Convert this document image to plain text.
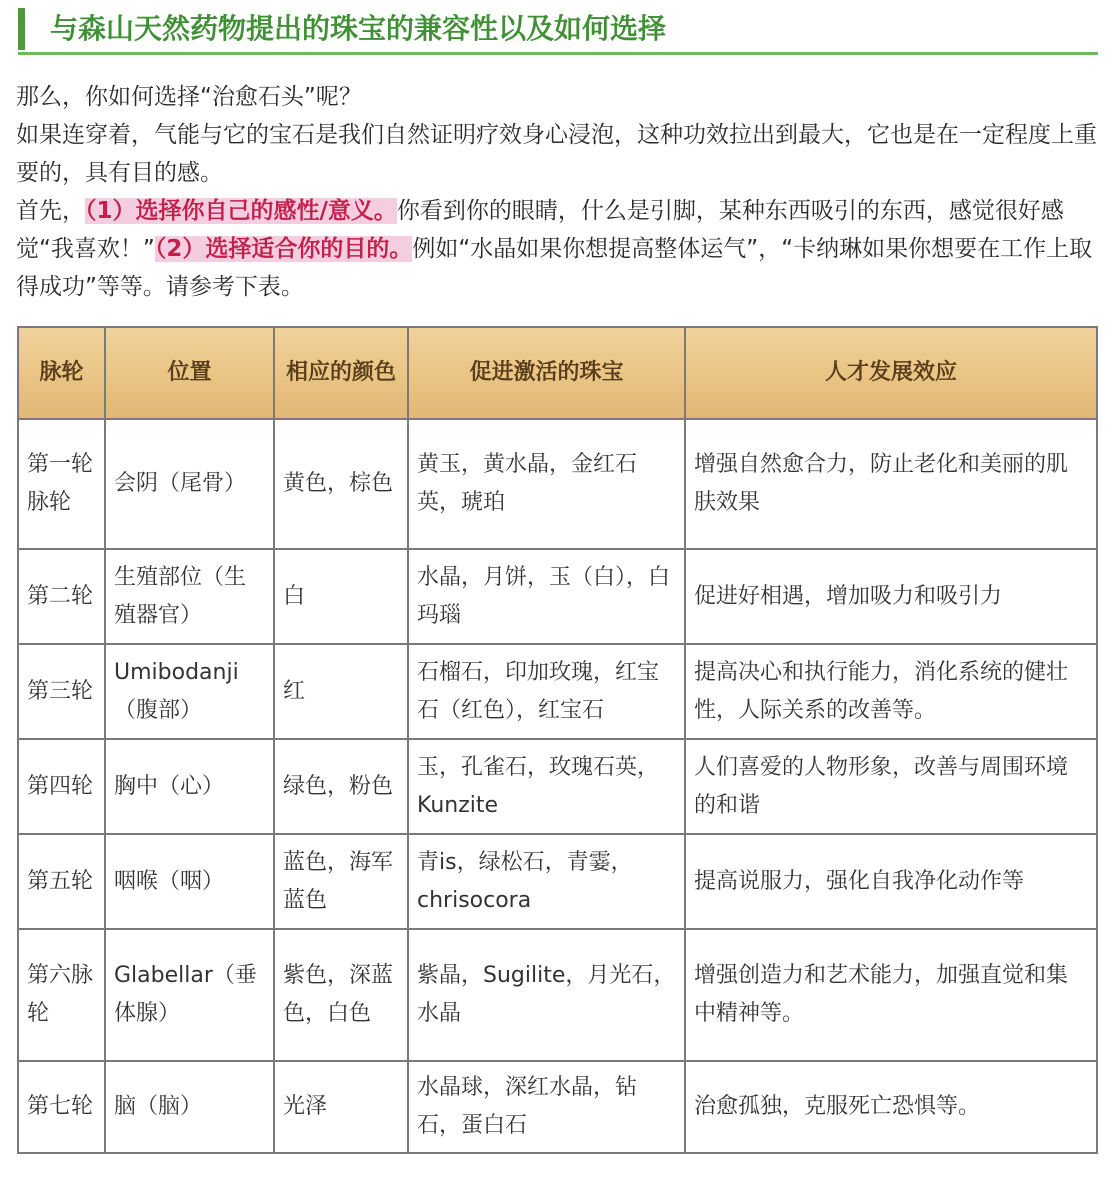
与森山天然药物提出的珠宝的兼容性以及如何选择

那么，你如何选择“治愈石头”呢？

如果连穿着，气能与它的宝石是我们自然证明疗效身心浸泡，这种功效拉出到最大，它也是在一定程度上重要的，具有目的感。

首先，（1）选择你自己的感性/意义。你看到你的眼睛，什么是引脚，某种东西吸引的东西，感觉很好感觉“我喜欢！”（2）选择适合你的目的。例如“水晶如果你想提高整体运气”，“卡纳琳如果你想要在工作上取得成功”等等。请参考下表。

脉轮	位置	相应的颜色	促进激活的珠宝	人才发展效应
第一轮脉轮	会阴（尾骨）	黄色，棕色	黄玉，黄水晶，金红石英，琥珀	增强自然愈合力，防止老化和美丽的肌肤效果
第二轮	生殖部位（生殖器官）	白	水晶，月饼，玉（白），白玛瑙	促进好相遇，增加吸力和吸引力
第三轮	Umibodanji（腹部）	红	石榴石，印加玫瑰，红宝石（红色），红宝石	提高决心和执行能力，消化系统的健壮性，人际关系的改善等。
第四轮	胸中（心）	绿色，粉色	玉，孔雀石，玫瑰石英，Kunzite	人们喜爱的人物形象，改善与周围环境的和谐
第五轮	咽喉（咽）	蓝色，海军蓝色	青is，绿松石，青霎，chrisocora	提高说服力，强化自我净化动作等
第六脉轮	Glabellar（垂体腺）	紫色，深蓝色，白色	紫晶，Sugilite，月光石，水晶	增强创造力和艺术能力，加强直觉和集中精神等。
第七轮	脑（脑）	光泽	水晶球，深红水晶，钻石，蛋白石	治愈孤独，克服死亡恐惧等。
